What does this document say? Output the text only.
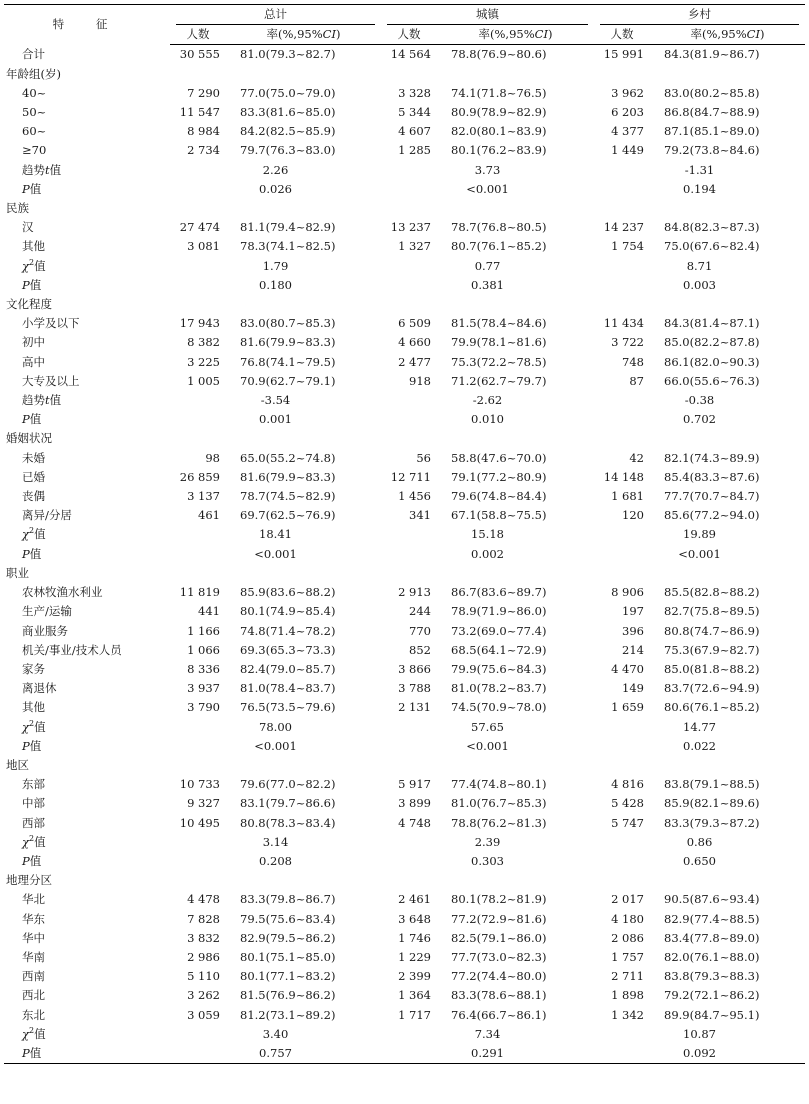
特 征	总计		城镇		乡村	

	人数	率(%,95%CI)	人数	率(%,95%CI)	人数	率(%,95%CI)
合计	30 555	81.0(79.3~82.7)	14 564	78.8(76.9~80.6)	15 991	84.3(81.9~86.7)
年龄组(岁)						
40~	7 290	77.0(75.0~79.0)	3 328	74.1(71.8~76.5)	3 962	83.0(80.2~85.8)
50~	11 547	83.3(81.6~85.0)	5 344	80.9(78.9~82.9)	6 203	86.8(84.7~88.9)
60~	8 984	84.2(82.5~85.9)	4 607	82.0(80.1~83.9)	4 377	87.1(85.1~89.0)
≥70	2 734	79.7(76.3~83.0)	1 285	80.1(76.2~83.9)	1 449	79.2(73.8~84.6)
趋势t值	2.26		3.73		-1.31	
P值	0.026		<0.001		0.194	
民族						
汉	27 474	81.1(79.4~82.9)	13 237	78.7(76.8~80.5)	14 237	84.8(82.3~87.3)
其他	3 081	78.3(74.1~82.5)	1 327	80.7(76.1~85.2)	1 754	75.0(67.6~82.4)
$\chi^2$值	1.79		0.77		8.71	
P值	0.180		0.381		0.003	
文化程度						
小学及以下	17 943	83.0(80.7~85.3)	6 509	81.5(78.4~84.6)	11 434	84.3(81.4~87.1)
初中	8 382	81.6(79.9~83.3)	4 660	79.9(78.1~81.6)	3 722	85.0(82.2~87.8)
高中	3 225	76.8(74.1~79.5)	2 477	75.3(72.2~78.5)	748	86.1(82.0~90.3)
大专及以上	1 005	70.9(62.7~79.1)	918	71.2(62.7~79.7)	87	66.0(55.6~76.3)
趋势t值	-3.54		-2.62		-0.38	
P值	0.001		0.010		0.702	
婚姻状况						
未婚	98	65.0(55.2~74.8)	56	58.8(47.6~70.0)	42	82.1(74.3~89.9)
已婚	26 859	81.6(79.9~83.3)	12 711	79.1(77.2~80.9)	14 148	85.4(83.3~87.6)
丧偶	3 137	78.7(74.5~82.9)	1 456	79.6(74.8~84.4)	1 681	77.7(70.7~84.7)
离异/分居	461	69.7(62.5~76.9)	341	67.1(58.8~75.5)	120	85.6(77.2~94.0)
$\chi^2$值	18.41		15.18		19.89	
P值	<0.001		0.002		<0.001	
职业						
农林牧渔水利业	11 819	85.9(83.6~88.2)	2 913	86.7(83.6~89.7)	8 906	85.5(82.8~88.2)
生产/运输	441	80.1(74.9~85.4)	244	78.9(71.9~86.0)	197	82.7(75.8~89.5)
商业服务	1 166	74.8(71.4~78.2)	770	73.2(69.0~77.4)	396	80.8(74.7~86.9)
机关/事业/技术人员	1 066	69.3(65.3~73.3)	852	68.5(64.1~72.9)	214	75.3(67.9~82.7)
家务	8 336	82.4(79.0~85.7)	3 866	79.9(75.6~84.3)	4 470	85.0(81.8~88.2)
离退休	3 937	81.0(78.4~83.7)	3 788	81.0(78.2~83.7)	149	83.7(72.6~94.9)
其他	3 790	76.5(73.5~79.6)	2 131	74.5(70.9~78.0)	1 659	80.6(76.1~85.2)
$\chi^2$值	78.00		57.65		14.77	
P值	<0.001		<0.001		0.022	
地区						
东部	10 733	79.6(77.0~82.2)	5 917	77.4(74.8~80.1)	4 816	83.8(79.1~88.5)
中部	9 327	83.1(79.7~86.6)	3 899	81.0(76.7~85.3)	5 428	85.9(82.1~89.6)
西部	10 495	80.8(78.3~83.4)	4 748	78.8(76.2~81.3)	5 747	83.3(79.3~87.2)
$\chi^2$值	3.14		2.39		0.86	
P值	0.208		0.303		0.650	
地理分区						
华北	4 478	83.3(79.8~86.7)	2 461	80.1(78.2~81.9)	2 017	90.5(87.6~93.4)
华东	7 828	79.5(75.6~83.4)	3 648	77.2(72.9~81.6)	4 180	82.9(77.4~88.5)
华中	3 832	82.9(79.5~86.2)	1 746	82.5(79.1~86.0)	2 086	83.4(77.8~89.0)
华南	2 986	80.1(75.1~85.0)	1 229	77.7(73.0~82.3)	1 757	82.0(76.1~88.0)
西南	5 110	80.1(77.1~83.2)	2 399	77.2(74.4~80.0)	2 711	83.8(79.3~88.3)
西北	3 262	81.5(76.9~86.2)	1 364	83.3(78.6~88.1)	1 898	79.2(72.1~86.2)
东北	3 059	81.2(73.1~89.2)	1 717	76.4(66.7~86.1)	1 342	89.9(84.7~95.1)
$\chi^2$值	3.40		7.34		10.87	
P值	0.757		0.291		0.092	
